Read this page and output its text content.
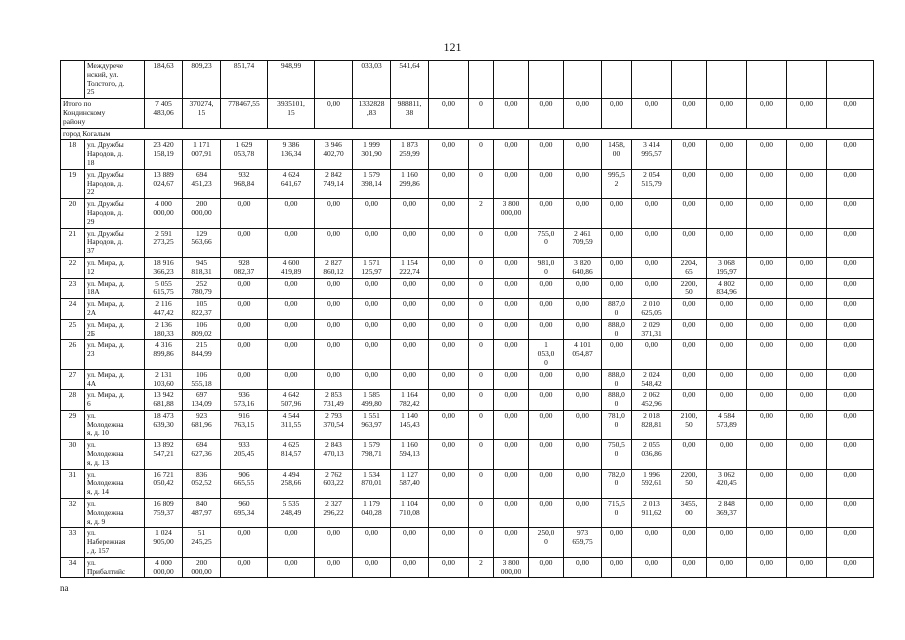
121
	Междурече
нский, ул.
Толстого, д.
25	184,63	809,23	851,74	948,99		033,03	541,64												
Итого по
Кондинскому
району		7 405
483,06	370274,
15	778467,55	3935101,
15	0,00	1332828
,83	988811,
38	0,00	0	0,00	0,00	0,00	0,00	0,00	0,00	0,00	0,00	0,00	0,00
город Когалым																				
18	ул. Дружбы
Народов, д.
18	23 420
158,19	1 171
007,91	1 629
053,78	9 386
136,34	3 946
402,70	1 999
301,90	1 873
259,99	0,00	0	0,00	0,00	0,00	1458,
00	3 414
995,57	0,00	0,00	0,00	0,00	0,00
19	ул. Дружбы
Народов, д.
22	13 889
024,67	694
451,23	932
968,84	4 624
641,67	2 842
749,14	1 579
398,14	1 160
299,86	0,00	0	0,00	0,00	0,00	995,5
2	2 054
515,79	0,00	0,00	0,00	0,00	0,00
20	ул. Дружбы
Народов, д.
29	4 000
000,00	200
000,00	0,00	0,00	0,00	0,00	0,00	0,00	2	3 800
000,00	0,00	0,00	0,00	0,00	0,00	0,00	0,00	0,00	0,00
21	ул. Дружбы
Народов, д.
37	2 591
273,25	129
563,66	0,00	0,00	0,00	0,00	0,00	0,00	0	0,00	755,0
0	2 461
709,59	0,00	0,00	0,00	0,00	0,00	0,00	0,00
22	ул. Мира, д.
12	18 916
366,23	945
818,31	928
082,37	4 600
419,89	2 827
860,12	1 571
125,97	1 154
222,74	0,00	0	0,00	981,0
0	3 820
640,86	0,00	0,00	2204,
65	3 068
195,97	0,00	0,00	0,00
23	ул. Мира, д.
18А	5 055
615,75	252
780,79	0,00	0,00	0,00	0,00	0,00	0,00	0	0,00	0,00	0,00	0,00	0,00	2200,
50	4 802
834,96	0,00	0,00	0,00
24	ул. Мира, д.
2А	2 116
447,42	105
822,37	0,00	0,00	0,00	0,00	0,00	0,00	0	0,00	0,00	0,00	887,0
0	2 010
625,05	0,00	0,00	0,00	0,00	0,00
25	ул. Мира, д.
2Б	2 136
180,33	106
809,02	0,00	0,00	0,00	0,00	0,00	0,00	0	0,00	0,00	0,00	888,0
0	2 029
371,31	0,00	0,00	0,00	0,00	0,00
26	ул. Мира, д.
23	4 316
899,86	215
844,99	0,00	0,00	0,00	0,00	0,00	0,00	0	0,00	1
053,0
0	4 101
054,87	0,00	0,00	0,00	0,00	0,00	0,00	0,00
27	ул. Мира, д.
4А	2 131
103,60	106
555,18	0,00	0,00	0,00	0,00	0,00	0,00	0	0,00	0,00	0,00	888,0
0	2 024
548,42	0,00	0,00	0,00	0,00	0,00
28	ул. Мира, д.
6	13 942
681,88	697
134,09	936
573,16	4 642
507,96	2 853
731,49	1 585
499,80	1 164
782,42	0,00	0	0,00	0,00	0,00	888,0
0	2 062
452,96	0,00	0,00	0,00	0,00	0,00
29	ул.
Молодежна
я, д. 10	18 473
639,30	923
681,96	916
763,15	4 544
311,55	2 793
370,54	1 551
963,97	1 140
145,43	0,00	0	0,00	0,00	0,00	781,0
0	2 018
828,81	2100,
50	4 584
573,89	0,00	0,00	0,00
30	ул.
Молодежна
я, д. 13	13 892
547,21	694
627,36	933
205,45	4 625
814,57	2 843
470,13	1 579
798,71	1 160
594,13	0,00	0	0,00	0,00	0,00	750,5
0	2 055
036,86	0,00	0,00	0,00	0,00	0,00
31	ул.
Молодежна
я, д. 14	16 721
050,42	836
052,52	906
665,55	4 494
258,66	2 762
603,22	1 534
870,01	1 127
587,40	0,00	0	0,00	0,00	0,00	782,0
0	1 996
592,61	2200,
50	3 062
420,45	0,00	0,00	0,00
32	ул.
Молодежна
я, д. 9	16 809
759,37	840
487,97	960
695,34	5 535
248,49	2 327
296,22	1 179
040,28	1 104
710,08	0,00	0	0,00	0,00	0,00	715,5
0	2 013
911,62	3455,
00	2 848
369,37	0,00	0,00	0,00
33	ул.
Набережная
, д. 157	1 024
905,00	51
245,25	0,00	0,00	0,00	0,00	0,00	0,00	0	0,00	250,0
0	973
659,75	0,00	0,00	0,00	0,00	0,00	0,00	0,00
34	ул.
Прибалтийс	4 000
000,00	200
000,00	0,00	0,00	0,00	0,00	0,00	0,00	2	3 800
000,00	0,00	0,00	0,00	0,00	0,00	0,00	0,00	0,00	0,00
na
